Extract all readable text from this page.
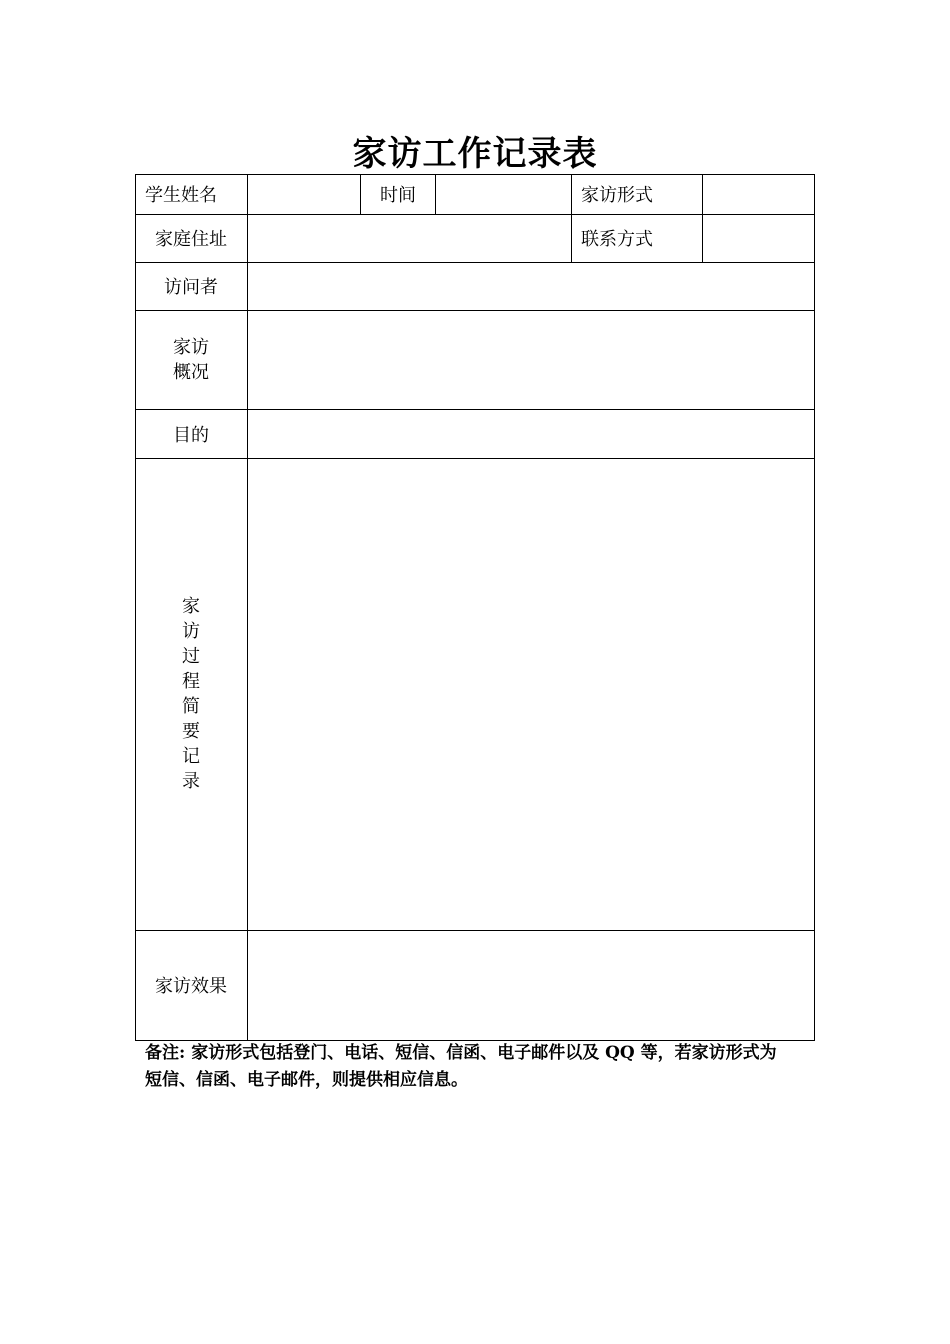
家访工作记录表
学生姓名	时间	家访形式
家庭住址	联系方式
访问者
家访
概况
目的
家
访
过
程
简
要
记
录
家访效果
备注: 家访形式包括登门、电话、短信、信函、电子邮件以及 QQ 等，若家访形式为
短信、信函、电子邮件，则提供相应信息。
